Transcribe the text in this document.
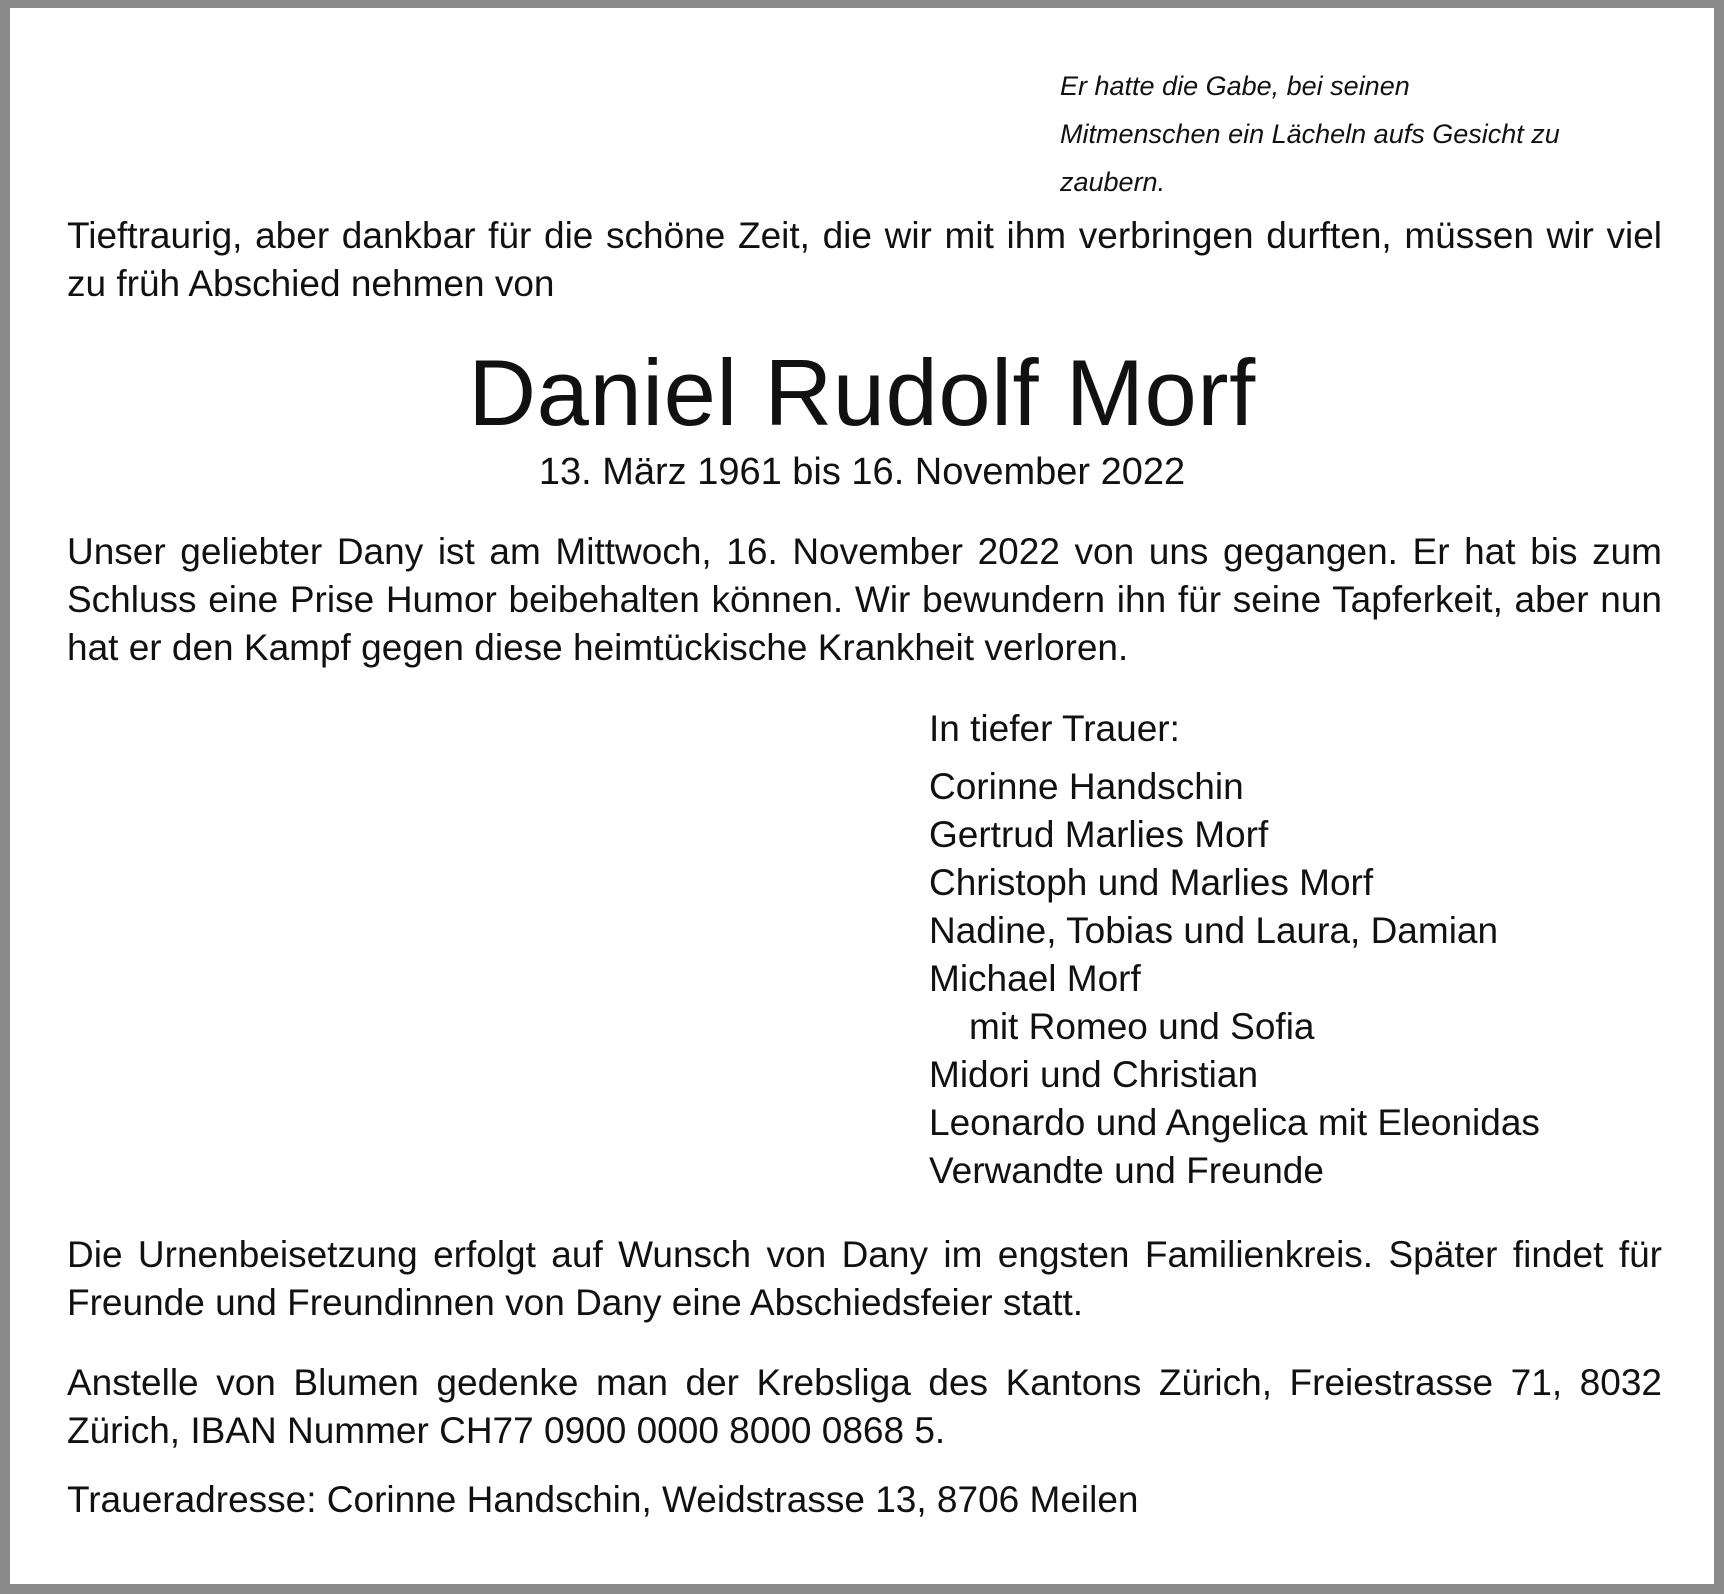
Er hatte die Gabe, bei seinen
Mitmenschen ein Lächeln aufs Gesicht zu
zaubern.

Tieftraurig, aber dankbar für die schöne Zeit, die wir mit ihm verbringen durften, müssen wir viel zu früh Abschied nehmen von

Daniel Rudolf Morf
13. März 1961 bis 16. November 2022

Unser geliebter Dany ist am Mittwoch, 16. November 2022 von uns gegangen. Er hat bis zum Schluss eine Prise Humor beibehalten können. Wir bewundern ihn für seine Tapferkeit, aber nun hat er den Kampf gegen diese heimtückische Krankheit verloren.

In tiefer Trauer:
Corinne Handschin
Gertrud Marlies Morf
Christoph und Marlies Morf
Nadine, Tobias und Laura, Damian
Michael Morf
mit Romeo und Sofia
Midori und Christian
Leonardo und Angelica mit Eleonidas
Verwandte und Freunde

Die Urnenbeisetzung erfolgt auf Wunsch von Dany im engsten Familienkreis. Später findet für Freunde und Freundinnen von Dany eine Abschiedsfeier statt.

Anstelle von Blumen gedenke man der Krebsliga des Kantons Zürich, Freiestrasse 71, 8032 Zürich, IBAN Nummer CH77 0900 0000 8000 0868 5.

Traueradresse: Corinne Handschin, Weidstrasse 13, 8706 Meilen
